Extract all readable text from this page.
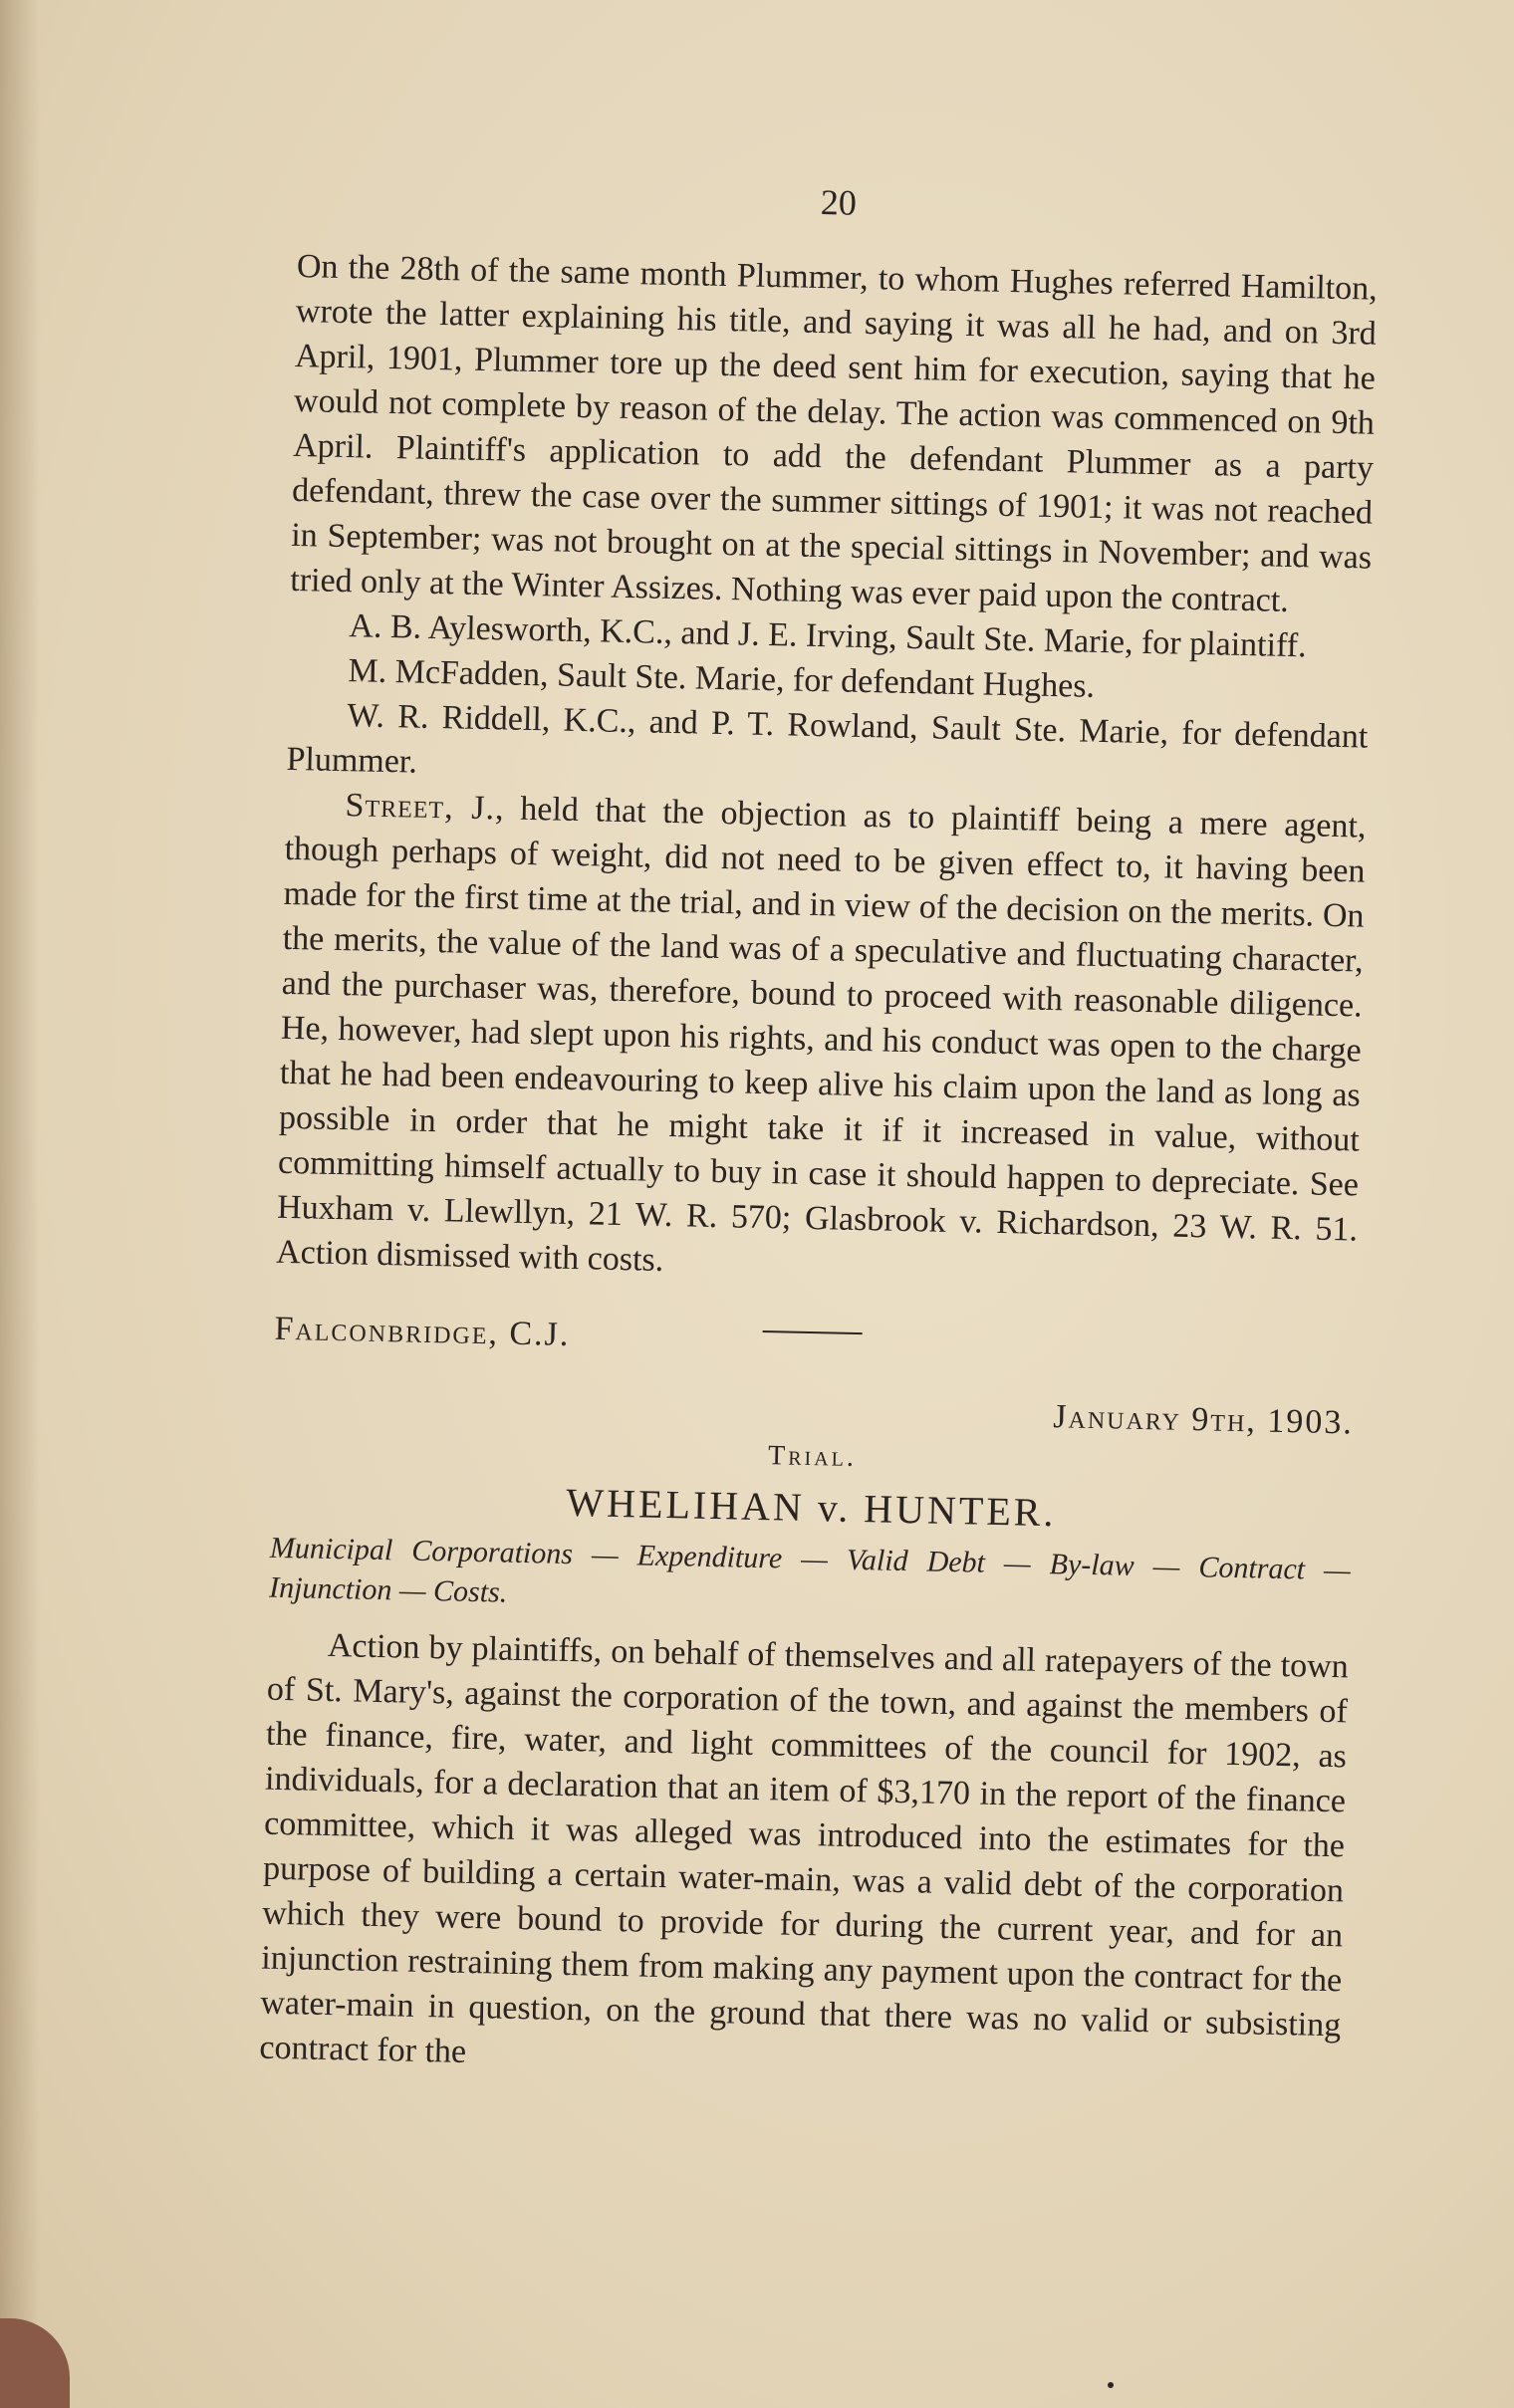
20

On the 28th of the same month Plummer, to whom Hughes referred Hamilton, wrote the latter explaining his title, and saying it was all he had, and on 3rd April, 1901, Plummer tore up the deed sent him for execution, saying that he would not complete by reason of the delay. The action was commenced on 9th April. Plaintiff's application to add the defendant Plummer as a party defendant, threw the case over the summer sittings of 1901; it was not reached in September; was not brought on at the special sittings in November; and was tried only at the Winter Assizes. Nothing was ever paid upon the contract.

A. B. Aylesworth, K.C., and J. E. Irving, Sault Ste. Marie, for plaintiff.

M. McFadden, Sault Ste. Marie, for defendant Hughes.

W. R. Riddell, K.C., and P. T. Rowland, Sault Ste. Marie, for defendant Plummer.

Street, J., held that the objection as to plaintiff being a mere agent, though perhaps of weight, did not need to be given effect to, it having been made for the first time at the trial, and in view of the decision on the merits. On the merits, the value of the land was of a speculative and fluctuating character, and the purchaser was, therefore, bound to proceed with reasonable diligence. He, however, had slept upon his rights, and his conduct was open to the charge that he had been endeavouring to keep alive his claim upon the land as long as possible in order that he might take it if it increased in value, without committing himself actually to buy in case it should happen to depreciate. See Huxham v. Llewllyn, 21 W. R. 570; Glasbrook v. Richardson, 23 W. R. 51. Action dismissed with costs.

Falconbridge, C.J.
January 9th, 1903.
Trial.
WHELIHAN v. HUNTER.

Municipal Corporations — Expenditure — Valid Debt — By-law — Contract — Injunction — Costs.

Action by plaintiffs, on behalf of themselves and all ratepayers of the town of St. Mary's, against the corporation of the town, and against the members of the finance, fire, water, and light committees of the council for 1902, as individuals, for a declaration that an item of $3,170 in the report of the finance committee, which it was alleged was introduced into the estimates for the purpose of building a certain water-main, was a valid debt of the corporation which they were bound to provide for during the current year, and for an injunction restraining them from making any payment upon the contract for the water-main in question, on the ground that there was no valid or subsisting contract for the
